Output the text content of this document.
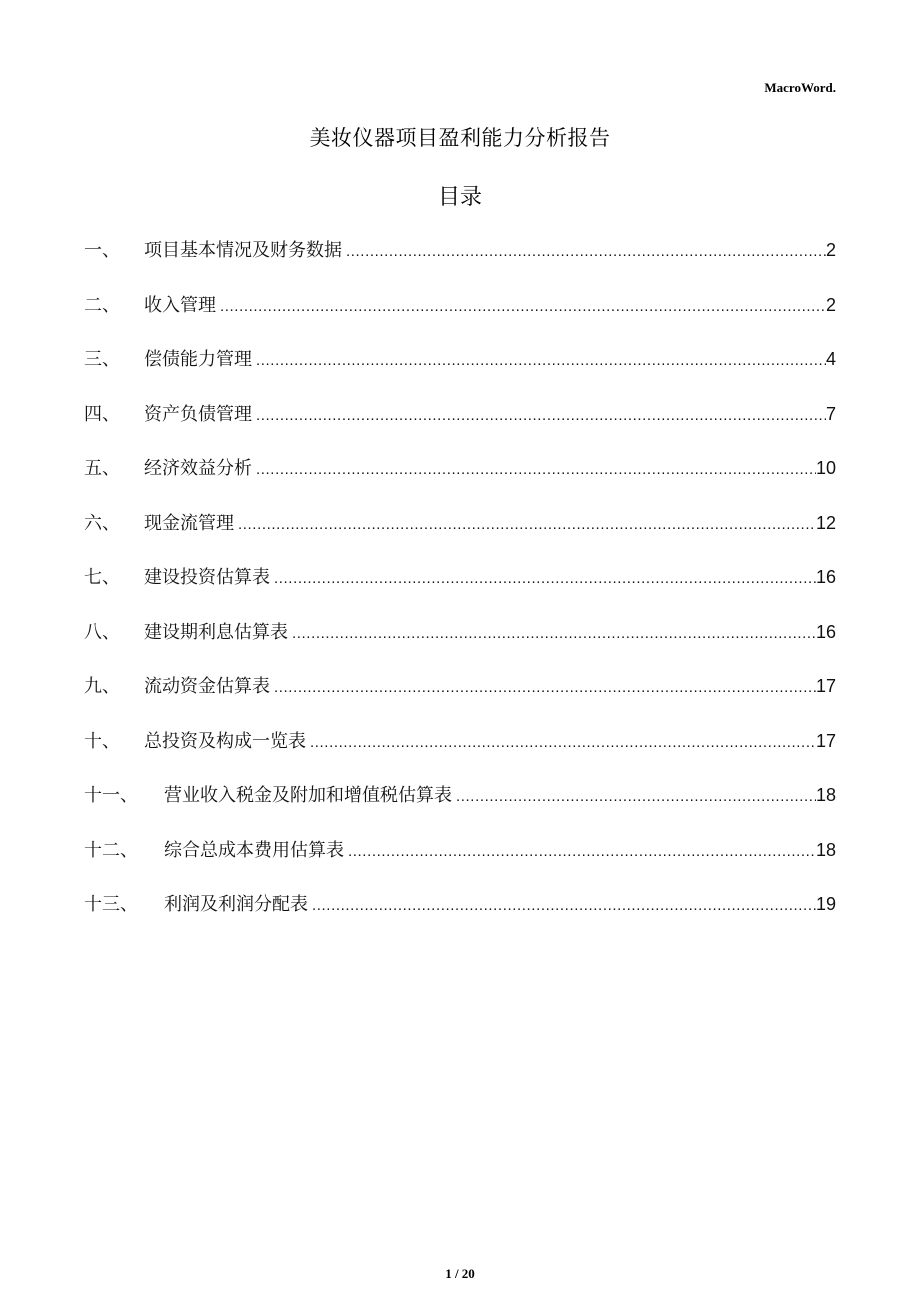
MacroWord.
美妆仪器项目盈利能力分析报告
目录
一、	项目基本情况及财务数据 .....	2
二、	收入管理 .....	2
三、	偿债能力管理 .....	4
四、	资产负债管理 .....	7
五、	经济效益分析 .....	10
六、	现金流管理 .....	12
七、	建设投资估算表 .....	16
八、	建设期利息估算表 .....	16
九、	流动资金估算表 .....	17
十、	总投资及构成一览表 .....	17
十一、	营业收入税金及附加和增值税估算表 .....	18
十二、	综合总成本费用估算表 .....	18
十三、	利润及利润分配表 .....	19
1 / 20
